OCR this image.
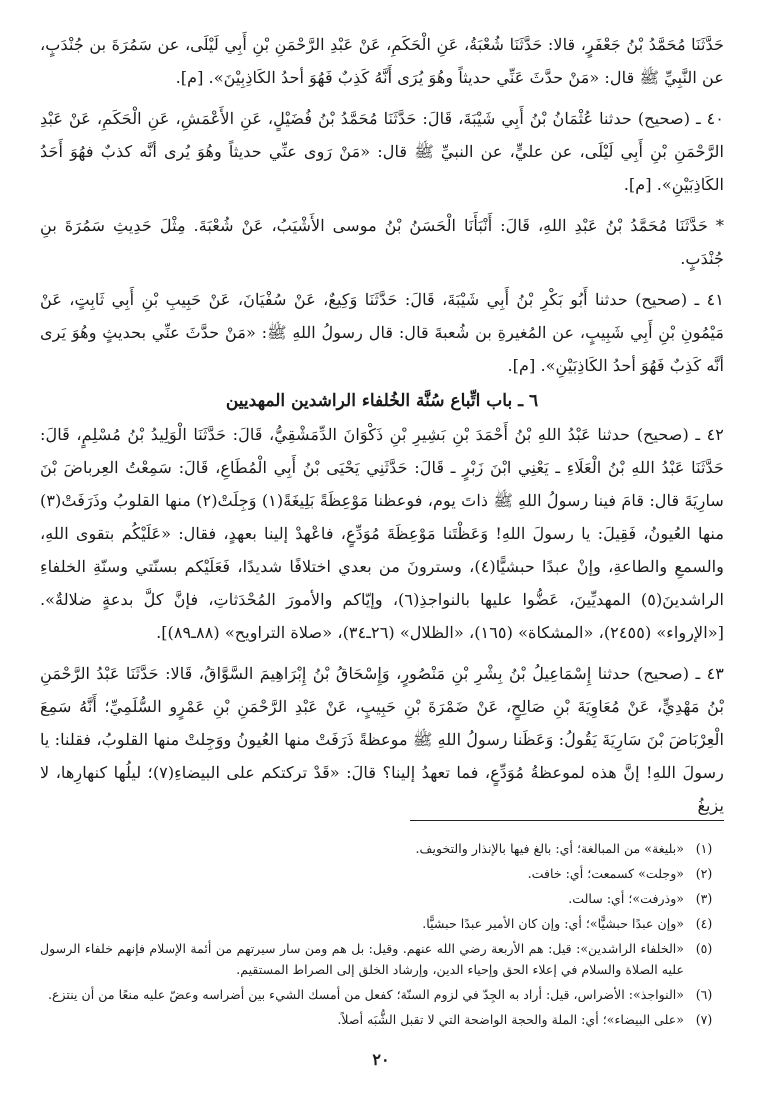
حَدَّثَنَا مُحَمَّدُ بْنُ جَعْفَرٍ، قالا: حَدَّثَنَا شُعْبَةُ، عَنِ الْحَكَمِ، عَنْ عَبْدِ الرَّحْمَنِ بْنِ أَبِي لَيْلَى، عن سَمُرَةَ بن جُنْدَبٍ، عن النَّبِيِّ ﷺ قال: «مَنْ حدَّثَ عَنِّي حديثاً وهُوَ يُرَى أَنَّهُ كَذِبٌ فَهُوَ أحدُ الكَاذِبِيْنَ». [م].

٤٠ ـ (صحيح) حدثنا عُثْمَانُ بْنُ أَبِي شَيْبَةَ، قَالَ: حَدَّثَنَا مُحَمَّدُ بْنُ فُضَيْلٍ، عَنِ الأَعْمَشِ، عَنِ الْحَكَمِ، عَنْ عَبْدِ الرَّحْمَنِ بْنِ أَبِي لَيْلَى، عن عليٍّ، عن النبيِّ ﷺ قال: «مَنْ رَوى عنِّي حديثاً وهُوَ يُرى أنَّه كذبٌ فهُوَ أَحَدُ الكَاذِبَيْنِ». [م].

* حَدَّثَنَا مُحَمَّدُ بْنُ عَبْدِ اللهِ، قَالَ: أَنْبَأَنَا الْحَسَنُ بْنُ موسى الأَشْيَبُ، عَنْ شُعْبَةَ. مِثْلَ حَدِيثِ سَمُرَةَ بنِ جُنْدَبٍ.

٤١ ـ (صحيح) حدثنا أَبُو بَكْرِ بْنُ أَبِي شَيْبَةَ، قَالَ: حَدَّثَنَا وَكِيعٌ، عَنْ سُفْيَانَ، عَنْ حَبِيبِ بْنِ أَبِي ثَابِتٍ، عَنْ مَيْمُونِ بْنِ أَبِي شَبِيبٍ، عن المُغيرةِ بن شُعبةَ قال: قال رسولُ اللهِ ﷺ: «مَنْ حدَّثَ عنِّي بحديثٍ وهُوَ يَرى أنَّه كَذِبٌ فَهُوَ أحدُ الكَاذِبَيْنِ». [م].

٦ ـ باب اتِّباع سُنَّة الخُلفاء الراشدين المهديين

٤٢ ـ (صحيح) حدثنا عَبْدُ اللهِ بْنُ أَحْمَدَ بْنِ بَشِيرِ بْنِ ذَكْوَانَ الدِّمَشْقِيُّ، قَالَ: حَدَّثَنَا الْوَلِيدُ بْنُ مُسْلِمٍ، قَالَ: حَدَّثَنَا عَبْدُ اللهِ بْنُ الْعَلَاءِ ـ يَعْنِي ابْنَ زَبْرٍ ـ قَالَ: حَدَّثَنِي يَحْيَى بْنُ أَبِي الْمُطَاعِ، قَالَ: سَمِعْتُ العِرباضَ بْنَ سارِيَةَ قال: قامَ فينا رسولُ اللهِ ﷺ ذاتَ يوم، فوعظنا مَوْعِظَةً بَلِيغَةً(١) وَجِلَتْ(٢) منها القلوبُ وذَرَفَتْ(٣) منها العُيونُ، فَقِيلَ: يا رسولَ اللهِ! وَعَظْتَنا مَوْعِظَةَ مُوَدِّعٍ، فاعْهدْ إلينا بعهدٍ، فقال: «عَلَيْكُم بتقوى اللهِ، والسمعِ والطاعةِ، وإنْ عبدًا حبشيًّا(٤)، وسترونَ من بعدي اختلافًا شديدًا، فَعَلَيْكم بسنّتي وسنّةِ الخلفاءِ الراشدينَ(٥) المهديِّينَ، عَضُّوا عليها بالنواجذِ(٦)، وإيّاكم والأمورَ المُحْدَثاتِ، فإنَّ كلَّ بدعةٍ ضلالةٌ». [«الإرواء» (٢٤٥٥)، «المشكاة» (١٦٥)، «الظلال» (٢٦ـ٣٤)، «صلاة التراويح» (٨٨ـ٨٩)].

٤٣ ـ (صحيح) حدثنا إِسْمَاعِيلُ بْنُ بِشْرِ بْنِ مَنْصُورٍ، وَإِسْحَاقُ بْنُ إِبْرَاهِيمَ السَّوَّاقُ، قَالا: حَدَّثَنَا عَبْدُ الرَّحْمَنِ بْنُ مَهْدِيٍّ، عَنْ مُعَاوِيَةَ بْنِ صَالِحٍ، عَنْ ضَمْرَةَ بْنِ حَبِيبٍ، عَنْ عَبْدِ الرَّحْمَنِ بْنِ عَمْرٍو السُّلَمِيِّ؛ أَنَّهُ سَمِعَ الْعِرْبَاضَ بْنَ سَارِيَةَ يَقُولُ: وَعَظَنا رسولُ اللهِ ﷺ موعظةً ذَرَفَتْ منها العُيونُ ووَجِلتْ منها القلوبُ، فقلنا: يا رسولَ اللهِ! إنَّ هذه لموعظةُ مُوَدِّعٍ، فما تعهدُ إلينا؟ قالَ: «قَدْ تركتكم على البيضاءِ(٧)؛ ليلُها كنهارِها، لا يزيغُ

(١)
«بليغة» من المبالغة؛ أي: بالغ فيها بالإنذار والتخويف.
(٢)
«وجلت» كسمعت؛ أي: خافت.
(٣)
«وذرفت»؛ أي: سالت.
(٤)
«وإن عبدًا حبشيًّا»؛ أي: وإن كان الأمير عبدًا حبشيًّا.
(٥)
«الخلفاء الراشدين»: قيل: هم الأربعة رضي الله عنهم. وقيل: بل هم ومن سار سيرتهم من أئمة الإسلام فإنهم خلفاء الرسول عليه الصلاة والسلام في إعلاء الحق وإحياء الدين، وإرشاد الخلق إلى الصراط المستقيم.
(٦)
«النواجذ»: الأضراس، قيل: أراد به الجِدّ في لزوم السنّة؛ كفعل من أمسك الشيء بين أضراسه وعضّ عليه منعًا من أن ينتزع.
(٧)
«على البيضاء»؛ أي: الملة والحجة الواضحة التي لا تقبل الشُّبَه أصلاً.
٢٠
